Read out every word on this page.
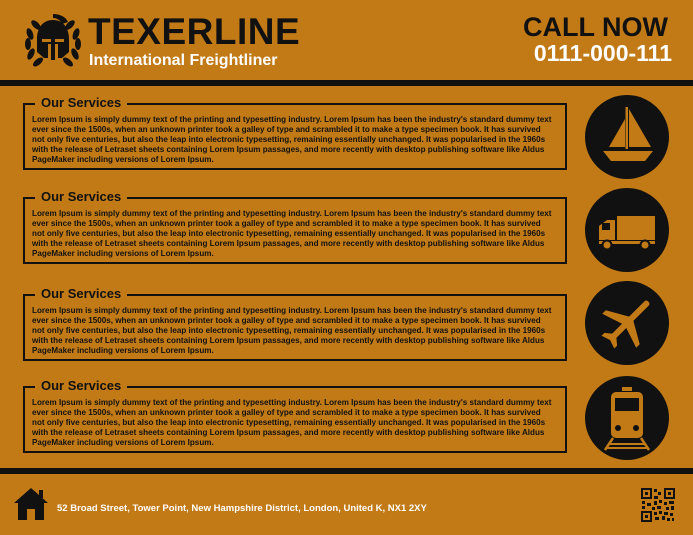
TEXERLINE
International Freightliner
CALL NOW
0111-000-111
Our Services
Lorem Ipsum is simply dummy text of the printing and typesetting industry. Lorem Ipsum has been the industry's standard dummy text ever since the 1500s, when an unknown printer took a galley of type and scrambled it to make a type specimen book. It has survived not only five centuries, but also the leap into electronic typesetting, remaining essentially unchanged. It was popularised in the 1960s with the release of Letraset sheets containing Lorem Ipsum passages, and more recently with desktop publishing software like Aldus PageMaker including versions of Lorem Ipsum.
Our Services
Lorem Ipsum is simply dummy text of the printing and typesetting industry. Lorem Ipsum has been the industry's standard dummy text ever since the 1500s, when an unknown printer took a galley of type and scrambled it to make a type specimen book. It has survived not only five centuries, but also the leap into electronic typesetting, remaining essentially unchanged. It was popularised in the 1960s with the release of Letraset sheets containing Lorem Ipsum passages, and more recently with desktop publishing software like Aldus PageMaker including versions of Lorem Ipsum.
Our Services
Lorem Ipsum is simply dummy text of the printing and typesetting industry. Lorem Ipsum has been the industry's standard dummy text ever since the 1500s, when an unknown printer took a galley of type and scrambled it to make a type specimen book. It has survived not only five centuries, but also the leap into electronic typesetting, remaining essentially unchanged. It was popularised in the 1960s with the release of Letraset sheets containing Lorem Ipsum passages, and more recently with desktop publishing software like Aldus PageMaker including versions of Lorem Ipsum.
Our Services
Lorem Ipsum is simply dummy text of the printing and typesetting industry. Lorem Ipsum has been the industry's standard dummy text ever since the 1500s, when an unknown printer took a galley of type and scrambled it to make a type specimen book. It has survived not only five centuries, but also the leap into electronic typesetting, remaining essentially unchanged. It was popularised in the 1960s with the release of Letraset sheets containing Lorem Ipsum passages, and more recently with desktop publishing software like Aldus PageMaker including versions of Lorem Ipsum.
52 Broad Street, Tower Point, New Hampshire District, London, United K, NX1 2XY
